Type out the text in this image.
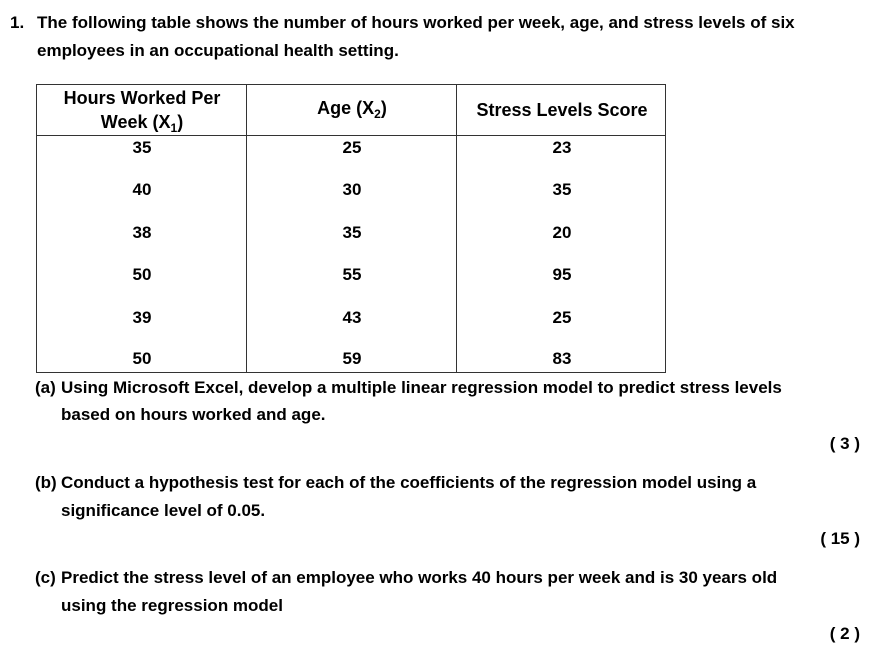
1. The following table shows the number of hours worked per week, age, and stress levels of six
employees in an occupational health setting.
Hours Worked Per
Week $(X_1)$
Age $(X_2)$	Stress Levels Score
35	25	23
40	30	35
38	35	20
50	55	95
39	43	25
50	59	83
(a) Using Microsoft Excel, develop a multiple linear regression model to predict stress levels
based on hours worked and age.
( 3 )
(b) Conduct a hypothesis test for each of the coefficients of the regression model using a
significance level of 0.05.
( 15 )
(c) Predict the stress level of an employee who works 40 hours per week and is 30 years old
using the regression model
( 2 )
